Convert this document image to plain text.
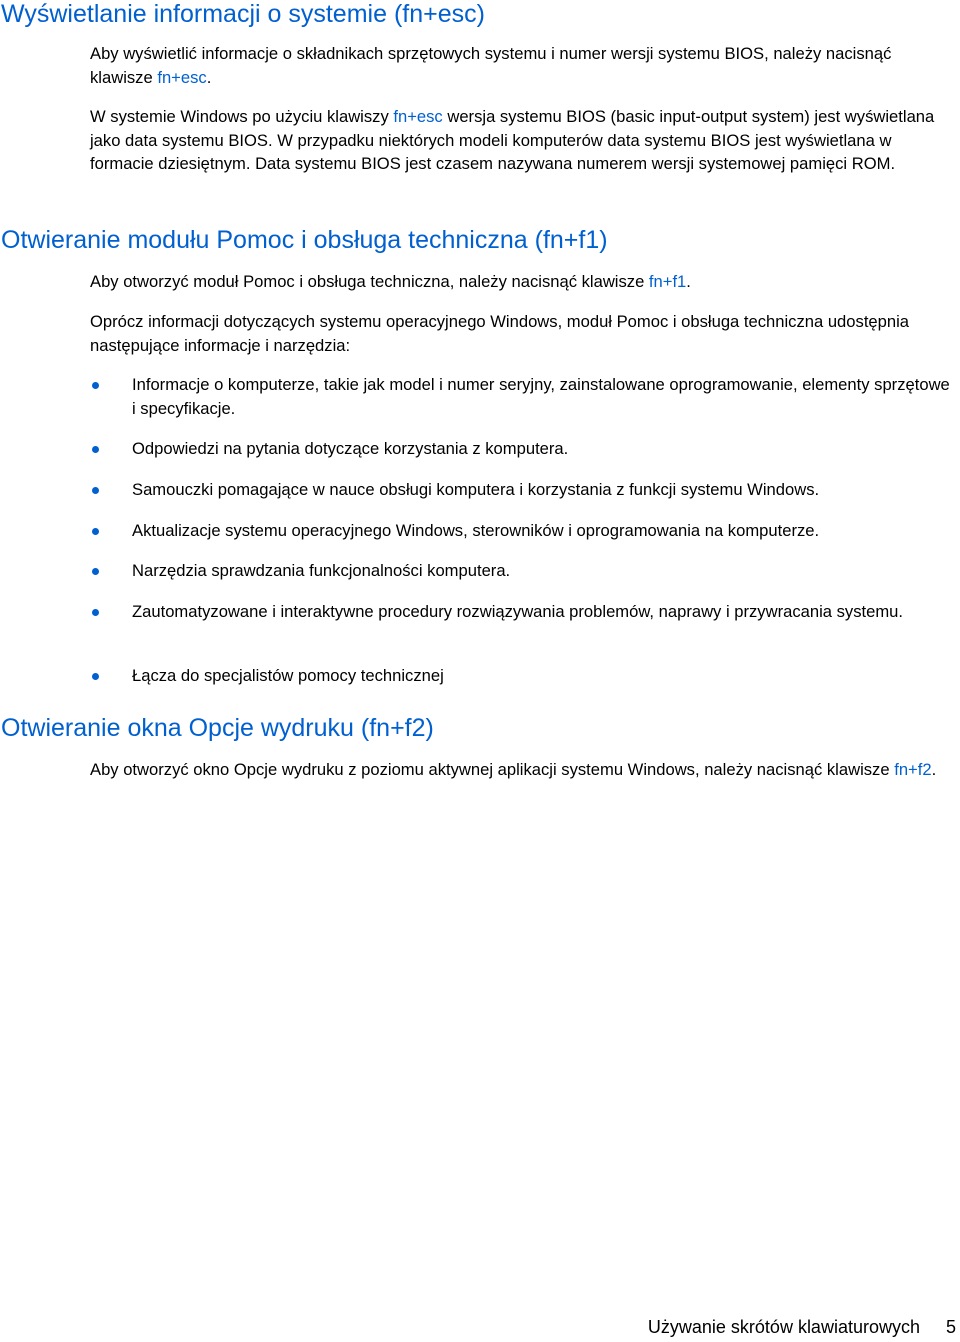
Wyświetlanie informacji o systemie (fn+esc)

Aby wyświetlić informacje o składnikach sprzętowych systemu i numer wersji systemu BIOS, należy nacisnąć klawisze fn+esc.

W systemie Windows po użyciu klawiszy fn+esc wersja systemu BIOS (basic input-output system) jest wyświetlana jako data systemu BIOS. W przypadku niektórych modeli komputerów data systemu BIOS jest wyświetlana w formacie dziesiętnym. Data systemu BIOS jest czasem nazywana numerem wersji systemowej pamięci ROM.

Otwieranie modułu Pomoc i obsługa techniczna (fn+f1)

Aby otworzyć moduł Pomoc i obsługa techniczna, należy nacisnąć klawisze fn+f1.

Oprócz informacji dotyczących systemu operacyjnego Windows, moduł Pomoc i obsługa techniczna udostępnia następujące informacje i narzędzia:

Informacje o komputerze, takie jak model i numer seryjny, zainstalowane oprogramowanie, elementy sprzętowe i specyfikacje.
Odpowiedzi na pytania dotyczące korzystania z komputera.
Samouczki pomagające w nauce obsługi komputera i korzystania z funkcji systemu Windows.
Aktualizacje systemu operacyjnego Windows, sterowników i oprogramowania na komputerze.
Narzędzia sprawdzania funkcjonalności komputera.
Zautomatyzowane i interaktywne procedury rozwiązywania problemów, naprawy i przywracania systemu.
Łącza do specjalistów pomocy technicznej
Otwieranie okna Opcje wydruku (fn+f2)

Aby otworzyć okno Opcje wydruku z poziomu aktywnej aplikacji systemu Windows, należy nacisnąć klawisze fn+f2.

Używanie skrótów klawiaturowych 5
